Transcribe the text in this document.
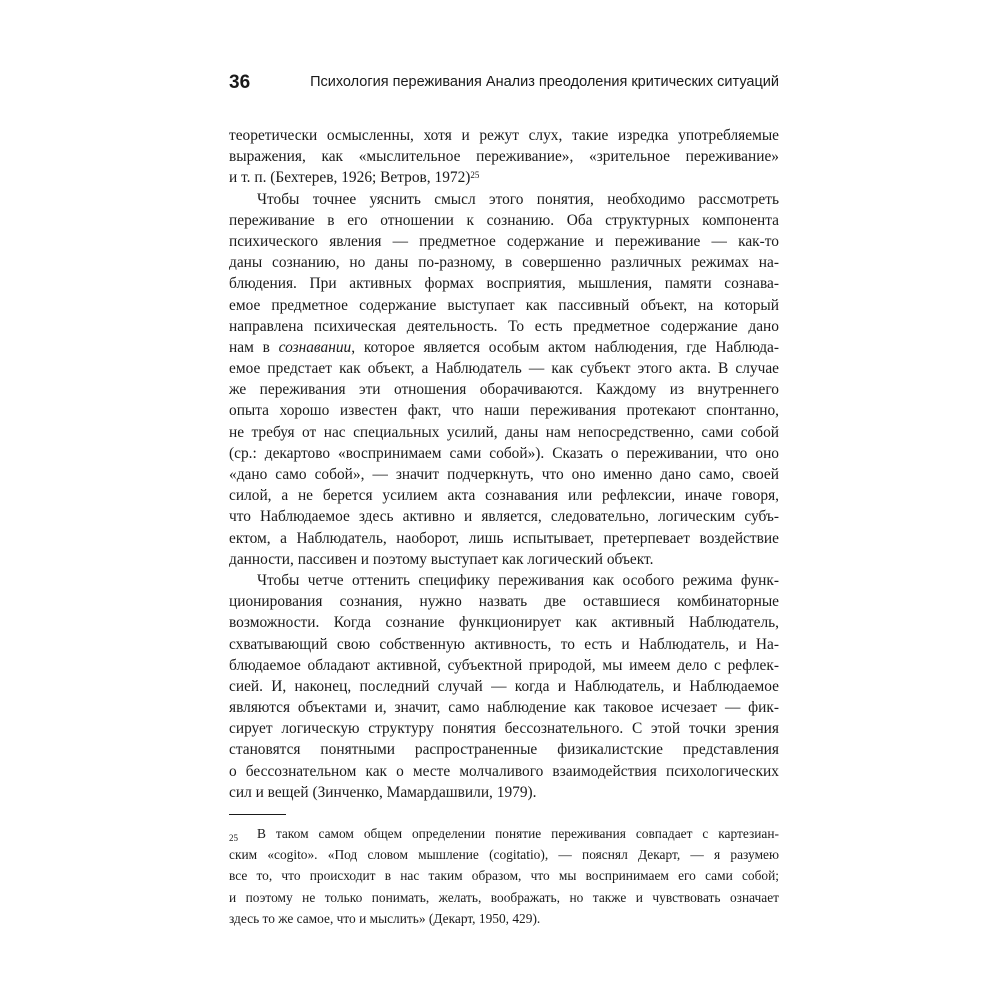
36	Психология переживания Анализ преодоления критических ситуаций
теоретически осмысленны, хотя и режут слух, такие изредка употребляемые
выражения, как «мыслительное переживание», «зрительное переживание»
и т. п. (Бехтерев, 1926; Ветров, 1972)$^{25}$
Чтобы точнее уяснить смысл этого понятия, необходимо рассмотреть
переживание в его отношении к сознанию. Оба структурных компонента
психического явления — предметное содержание и переживание — как-то
даны сознанию, но даны по-разному, в совершенно различных режимах на-
блюдения. При активных формах восприятия, мышления, памяти сознава-
емое предметное содержание выступает как пассивный объект, на который
направлена психическая деятельность. То есть предметное содержание дано
нам в сознавании, которое является особым актом наблюдения, где Наблюда-
емое предстает как объект, а Наблюдатель — как субъект этого акта. В случае
же переживания эти отношения оборачиваются. Каждому из внутреннего
опыта хорошо известен факт, что наши переживания протекают спонтанно,
не требуя от нас специальных усилий, даны нам непосредственно, сами собой
(ср.: декартово «воспринимаем сами собой»). Сказать о переживании, что оно
«дано само собой», — значит подчеркнуть, что оно именно дано само, своей
силой, а не берется усилием акта сознавания или рефлексии, иначе говоря,
что Наблюдаемое здесь активно и является, следовательно, логическим субъ-
ектом, а Наблюдатель, наоборот, лишь испытывает, претерпевает воздействие
данности, пассивен и поэтому выступает как логический объект.
Чтобы четче оттенить специфику переживания как особого режима функ-
ционирования сознания, нужно назвать две оставшиеся комбинаторные
возможности. Когда сознание функционирует как активный Наблюдатель,
схватывающий свою собственную активность, то есть и Наблюдатель, и На-
блюдаемое обладают активной, субъектной природой, мы имеем дело с рефлек-
сией. И, наконец, последний случай — когда и Наблюдатель, и Наблюдаемое
являются объектами и, значит, само наблюдение как таковое исчезает — фик-
сирует логическую структуру понятия бессознательного. С этой точки зрения
становятся понятными распространенные физикалистские представления
о бессознательном как о месте молчаливого взаимодействия психологических
сил и вещей (Зинченко, Мамардашвили, 1979).
25 В таком самом общем определении понятие переживания совпадает с картезиан-
ским «cogito». «Под словом мышление (cogitatio), — пояснял Декарт, — я разумею
все то, что происходит в нас таким образом, что мы воспринимаем его сами собой;
и поэтому не только понимать, желать, воображать, но также и чувствовать означает
здесь то же самое, что и мыслить» (Декарт, 1950, 429).
